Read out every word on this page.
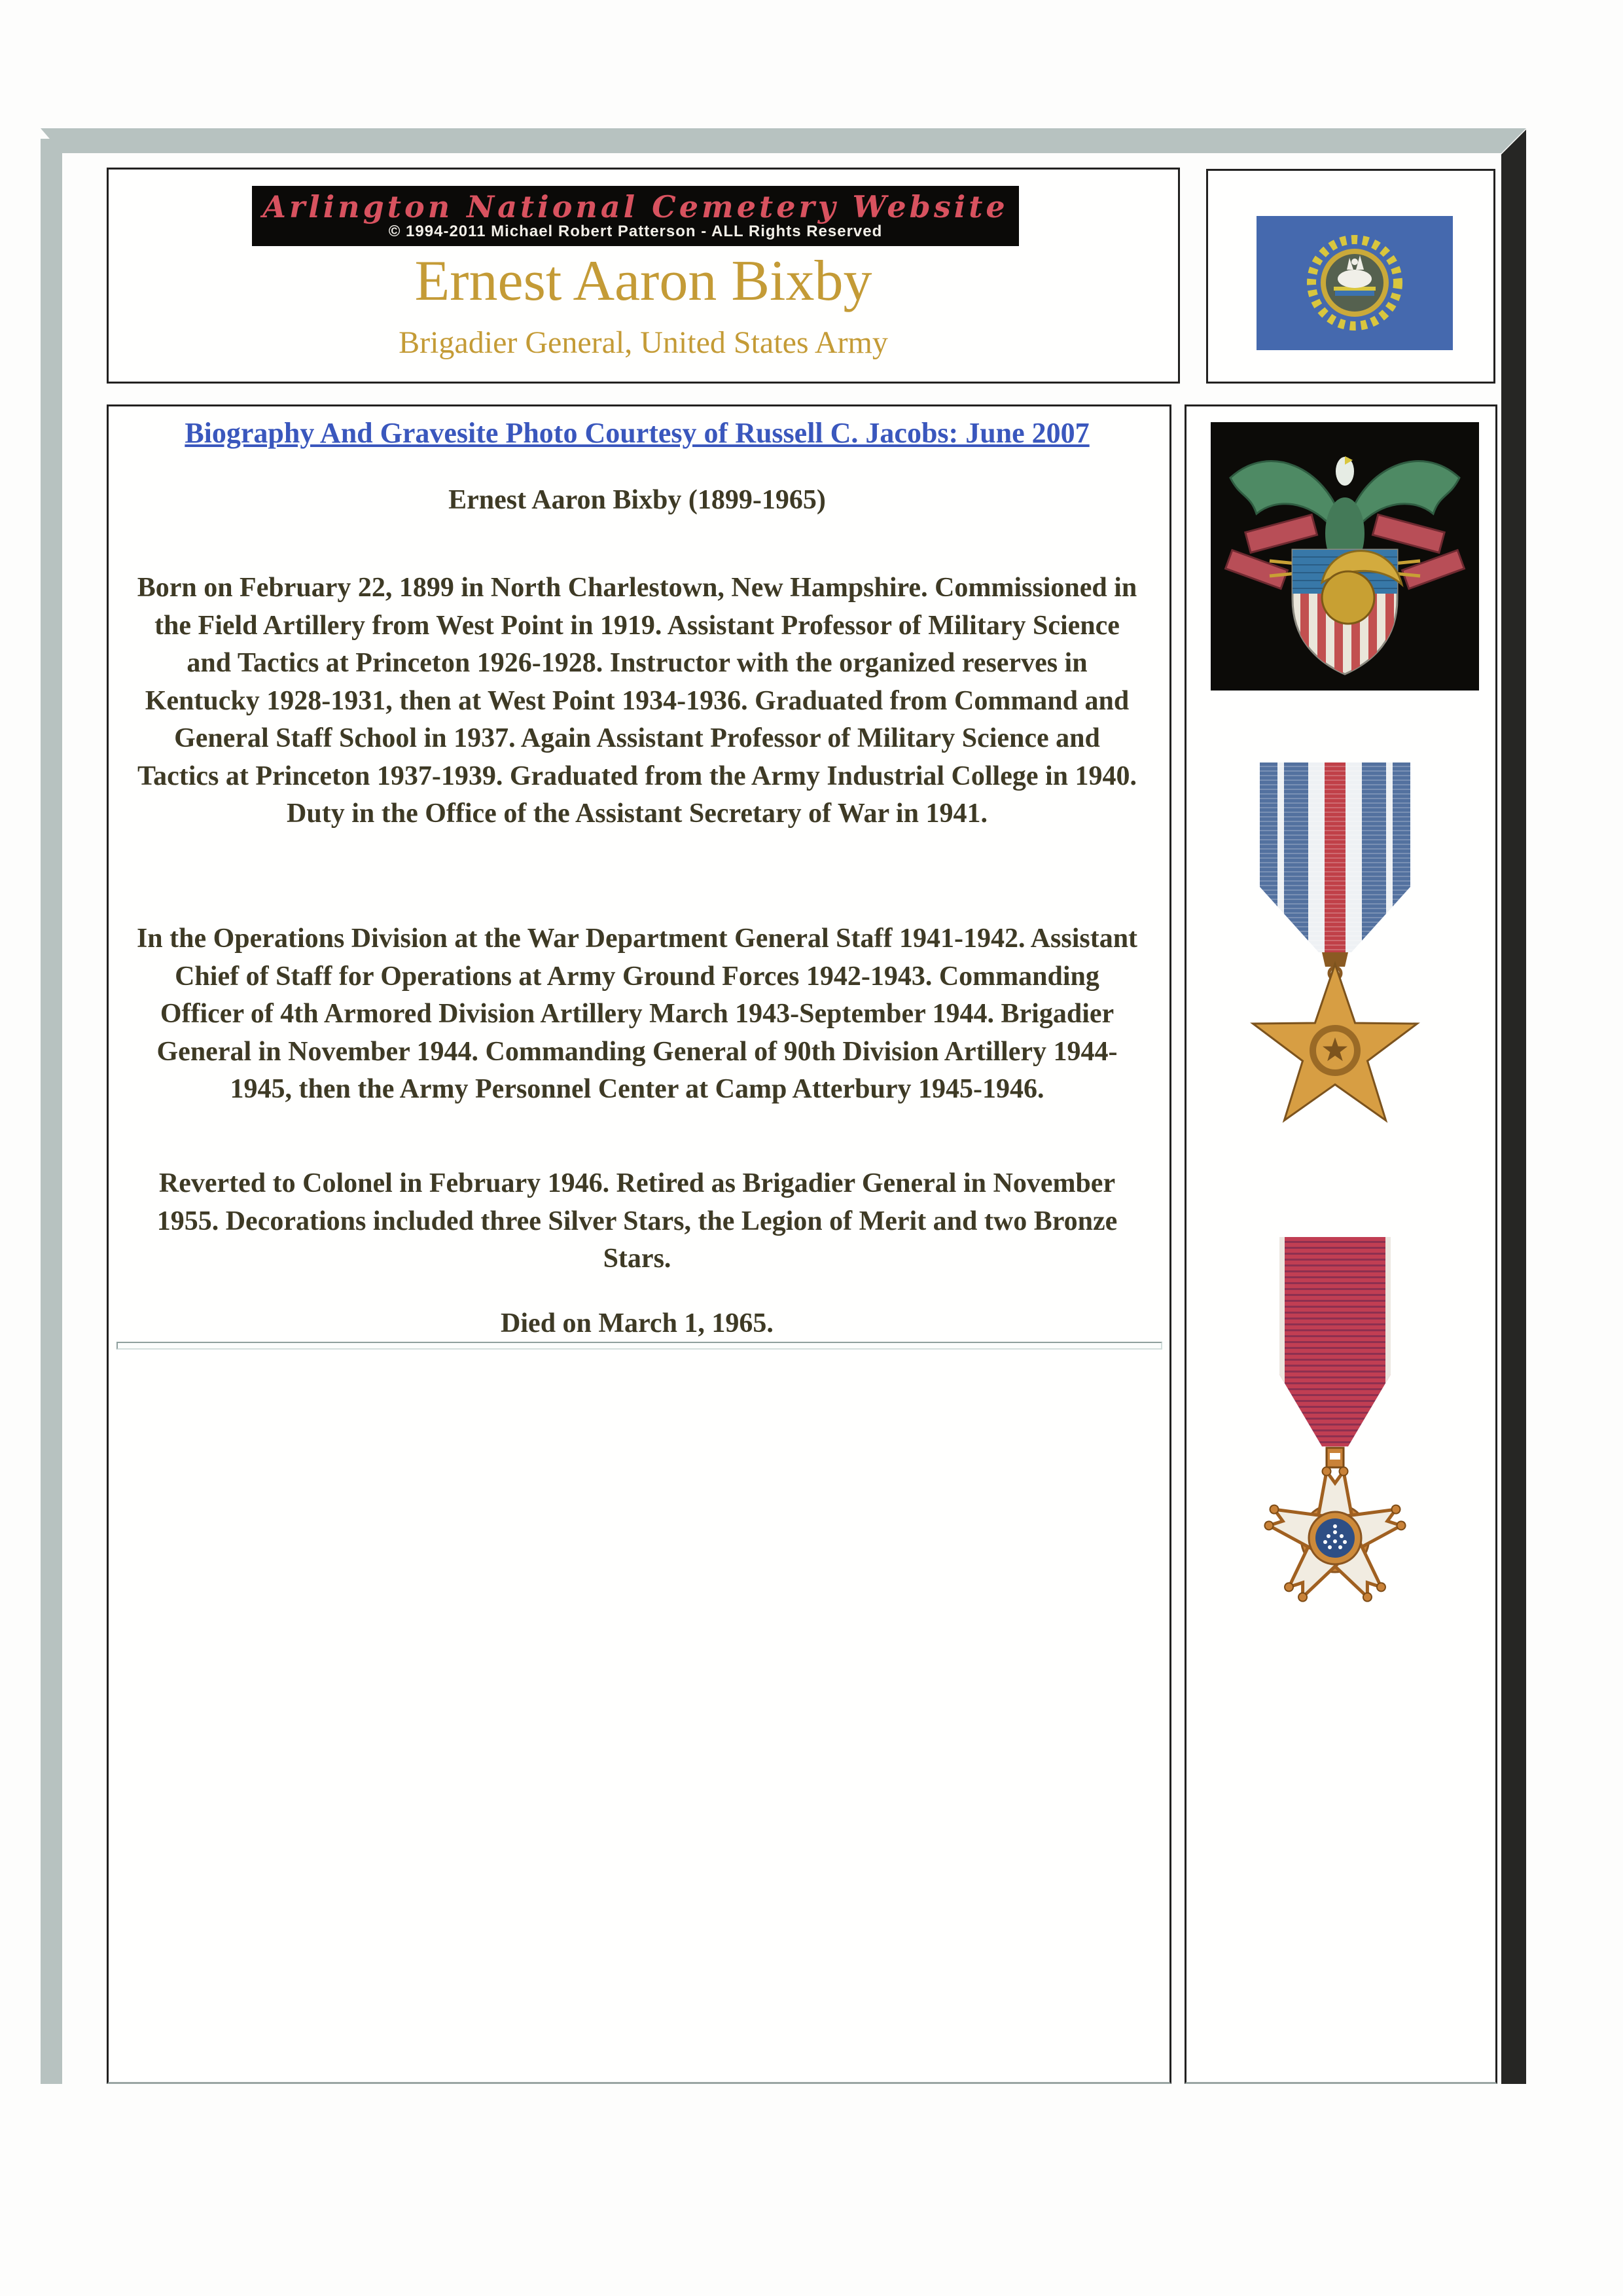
Arlington National Cemetery Website
© 1994-2011 Michael Robert Patterson - ALL Rights Reserved
Ernest Aaron Bixby
Brigadier General, United States Army
Biography And Gravesite Photo Courtesy of Russell C. Jacobs: June 2007
Ernest Aaron Bixby (1899-1965)

Born on February 22, 1899 in North Charlestown, New Hampshire. Commissioned in the Field Artillery from West Point in 1919. Assistant Professor of Military Science and Tactics at Princeton 1926-1928. Instructor with the organized reserves in Kentucky 1928-1931, then at West Point 1934-1936. Graduated from Command and General Staff School in 1937. Again Assistant Professor of Military Science and Tactics at Princeton 1937-1939. Graduated from the Army Industrial College in 1940. Duty in the Office of the Assistant Secretary of War in 1941.

In the Operations Division at the War Department General Staff 1941-1942. Assistant Chief of Staff for Operations at Army Ground Forces 1942-1943. Commanding Officer of 4th Armored Division Artillery March 1943-September 1944. Brigadier General in November 1944. Commanding General of 90th Division Artillery 1944-1945, then the Army Personnel Center at Camp Atterbury 1945-1946.

Reverted to Colonel in February 1946. Retired as Brigadier General in November 1955. Decorations included three Silver Stars, the Legion of Merit and two Bronze Stars.

Died on March 1, 1965.
